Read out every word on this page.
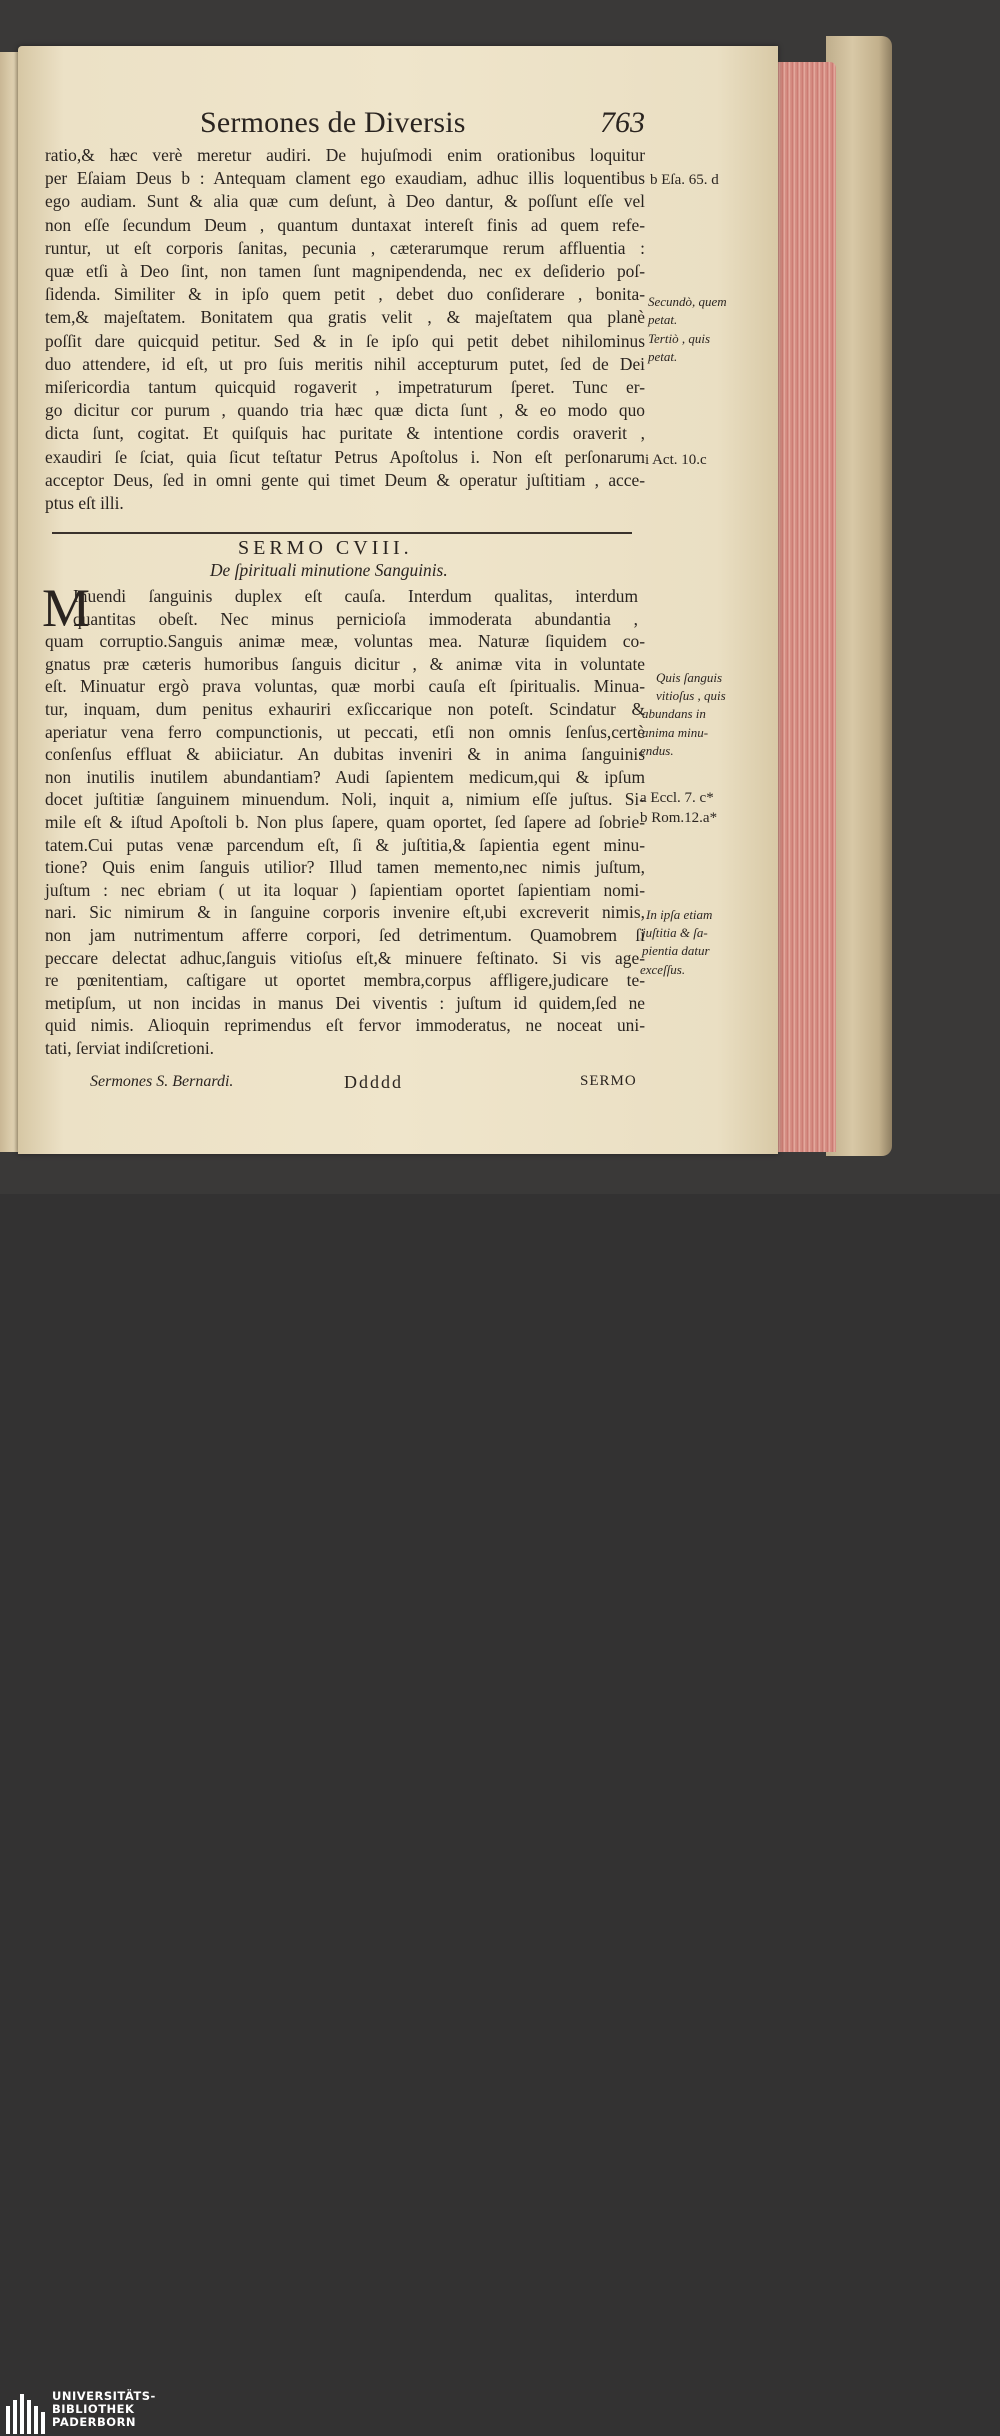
Sermones de Diversis	763
ratio,& hæc verè meretur audiri. De hujuſmodi enim orationibus loquitur
per Eſaiam Deus b : Antequam clament ego exaudiam, adhuc illis loquentibus
ego audiam. Sunt & alia quæ cum deſunt, à Deo dantur, & poſſunt eſſe vel
non eſſe ſecundum Deum , quantum duntaxat intereſt finis ad quem refe-
runtur, ut eſt corporis ſanitas, pecunia , cæterarumque rerum affluentia :
quæ etſi à Deo ſint, non tamen ſunt magnipendenda, nec ex deſiderio poſ-
ſidenda. Similiter & in ipſo quem petit , debet duo conſiderare , bonita-
tem,& majeſtatem. Bonitatem qua gratis velit , & majeſtatem qua planè
poſſit dare quicquid petitur. Sed & in ſe ipſo qui petit debet nihilominus
duo attendere, id eſt, ut pro ſuis meritis nihil accepturum putet, ſed de Dei
miſericordia tantum quicquid rogaverit , impetraturum ſperet. Tunc er-
go dicitur cor purum , quando tria hæc quæ dicta ſunt , & eo modo quo
dicta ſunt, cogitat. Et quiſquis hac puritate & intentione cordis oraverit ,
exaudiri ſe ſciat, quia ſicut teſtatur Petrus Apoſtolus i. Non eſt perſonarum
acceptor Deus, ſed in omni gente qui timet Deum & operatur juſtitiam , acce-
ptus eſt illi.
SERMO CVIII.
De ſpirituali minutione Sanguinis.
M
Inuendi ſanguinis duplex eſt cauſa. Interdum qualitas, interdum
quantitas obeſt. Nec minus pernicioſa immoderata abundantia ,
quam corruptio.Sanguis animæ meæ, voluntas mea. Naturæ ſiquidem co-
gnatus præ cæteris humoribus ſanguis dicitur , & animæ vita in voluntate
eſt. Minuatur ergò prava voluntas, quæ morbi cauſa eſt ſpiritualis. Minua-
tur, inquam, dum penitus exhauriri exſiccarique non poteſt. Scindatur &
aperiatur vena ferro compunctionis, ut peccati, etſi non omnis ſenſus,certè
conſenſus effluat & abiiciatur. An dubitas inveniri & in anima ſanguinis
non inutilis inutilem abundantiam? Audi ſapientem medicum,qui & ipſum
docet juſtitiæ ſanguinem minuendum. Noli, inquit a, nimium eſſe juſtus. Si-
mile eſt & iſtud Apoſtoli b. Non plus ſapere, quam oportet, ſed ſapere ad ſobrie-
tatem.Cui putas venæ parcendum eſt, ſi & juſtitia,& ſapientia egent minu-
tione? Quis enim ſanguis utilior? Illud tamen memento,nec nimis juſtum,
juſtum : nec ebriam ( ut ita loquar ) ſapientiam oportet ſapientiam nomi-
nari. Sic nimirum & in ſanguine corporis invenire eſt,ubi excreverit nimis,
non jam nutrimentum afferre corpori, ſed detrimentum. Quamobrem ſi
peccare delectat adhuc,ſanguis vitioſus eſt,& minuere feſtinato. Si vis age-
re pœnitentiam, caſtigare ut oportet membra,corpus affligere,judicare te-
metipſum, ut non incidas in manus Dei viventis : juſtum id quidem,ſed ne
quid nimis. Alioquin reprimendus eſt fervor immoderatus, ne noceat uni-
tati, ſerviat indiſcretioni.
b Eſa. 65. d
Secundò, quem
petat.
Tertiò , quis
petat.
i Act. 10.c
Quis ſanguis
vitioſus , quis
abundans in
anima minu-
endus.
a Eccl. 7. c*
b Rom.12.a*
In ipſa etiam
juſtitia & ſa-
pientia datur
exceſſus.
Sermones S. Bernardi.	Ddddd	SERMO
UNIVERSITÄTS-
BIBLIOTHEK
PADERBORN
